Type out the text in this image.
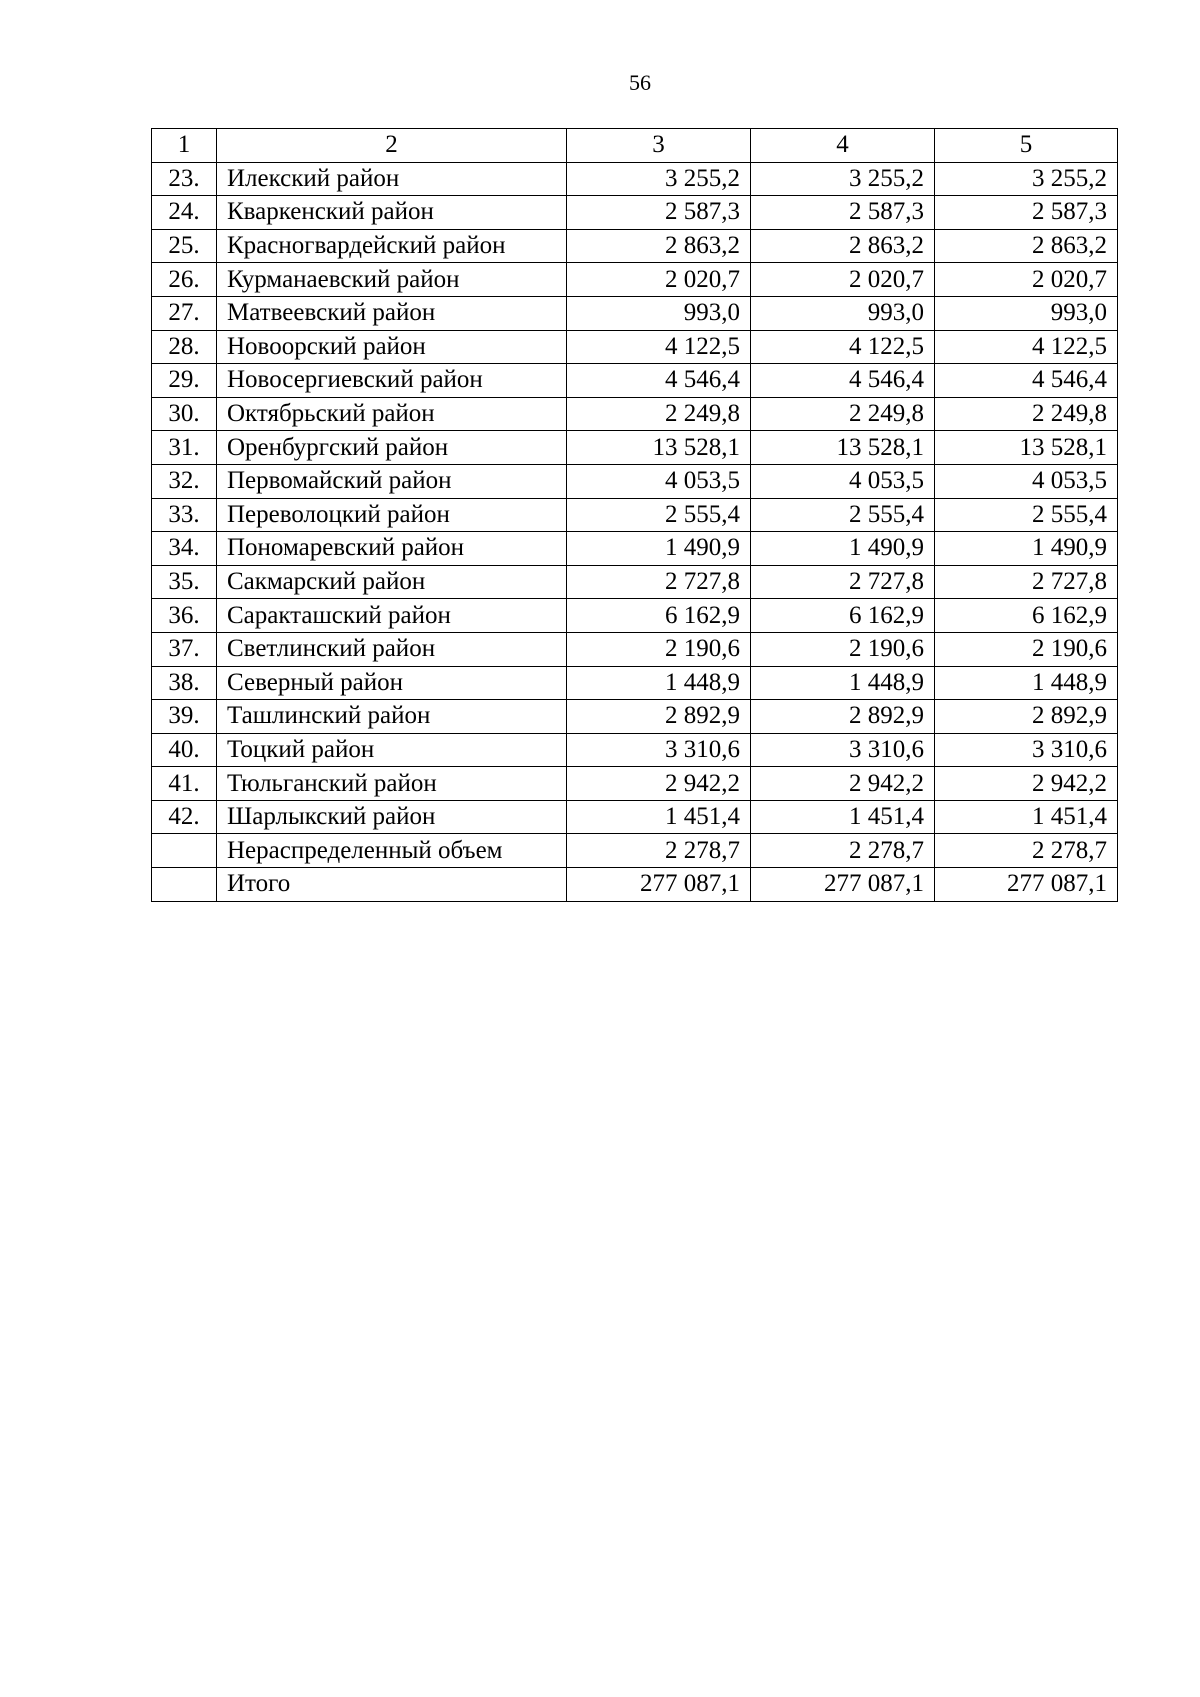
56
1	2	3	4	5
23.	Илекский район	3 255,2	3 255,2	3 255,2
24.	Кваркенский район	2 587,3	2 587,3	2 587,3
25.	Красногвардейский район	2 863,2	2 863,2	2 863,2
26.	Курманаевский район	2 020,7	2 020,7	2 020,7
27.	Матвеевский район	993,0	993,0	993,0
28.	Новоорский район	4 122,5	4 122,5	4 122,5
29.	Новосергиевский район	4 546,4	4 546,4	4 546,4
30.	Октябрьский район	2 249,8	2 249,8	2 249,8
31.	Оренбургский район	13 528,1	13 528,1	13 528,1
32.	Первомайский район	4 053,5	4 053,5	4 053,5
33.	Переволоцкий район	2 555,4	2 555,4	2 555,4
34.	Пономаревский район	1 490,9	1 490,9	1 490,9
35.	Сакмарский район	2 727,8	2 727,8	2 727,8
36.	Саракташский район	6 162,9	6 162,9	6 162,9
37.	Светлинский район	2 190,6	2 190,6	2 190,6
38.	Северный район	1 448,9	1 448,9	1 448,9
39.	Ташлинский район	2 892,9	2 892,9	2 892,9
40.	Тоцкий район	3 310,6	3 310,6	3 310,6
41.	Тюльганский район	2 942,2	2 942,2	2 942,2
42.	Шарлыкский район	1 451,4	1 451,4	1 451,4
	Нераспределенный объем	2 278,7	2 278,7	2 278,7
	Итого	277 087,1	277 087,1	277 087,1
